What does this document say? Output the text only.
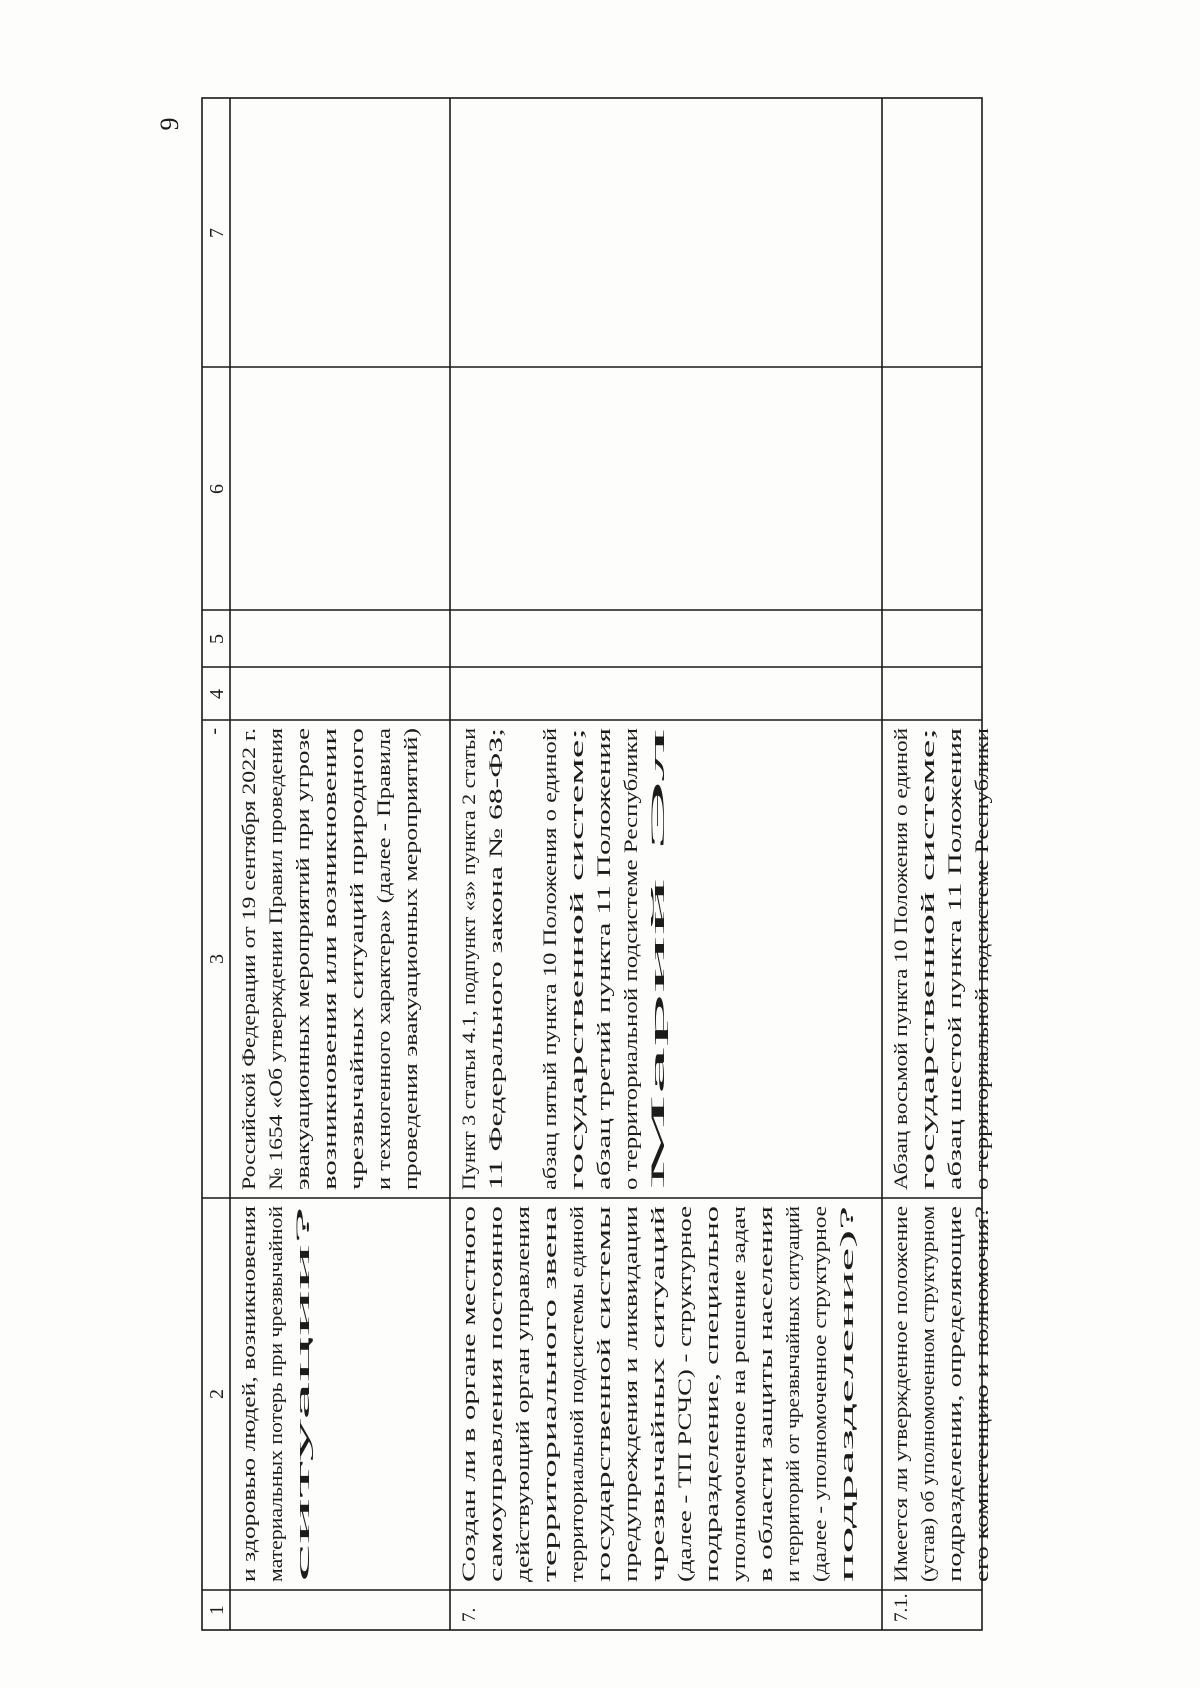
9
1
2
3
4
5
6
7
-
и здоровью людей, возникновения материальных потерь при чрезвычайной ситуации?
Российской Федерации от 19 сентября 2022 г. № 1654 «Об утверждении Правил проведения эвакуационных мероприятий при угрозе возникновения или возникновении чрезвычайных ситуаций природного и техногенного характера» (далее - Правила проведения эвакуационных мероприятий)
7.
Создан ли в органе местного самоуправления постоянно действующий орган управления территориального звена территориальной подсистемы единой государственной системы предупреждения и ликвидации чрезвычайных ситуаций (далее - ТП РСЧС) - структурное подразделение, специально уполномоченное на решение задач в области защиты населения и территорий от чрезвычайных ситуаций (далее - уполномоченное структурное подразделение)?
Пункт 3 статьи 4.1, подпункт «з» пункта 2 статьи 11 Федерального закона № 68-ФЗ; абзац пятый пункта 10 Положения о единой государственной системе; абзац третий пункта 11 Положения о территориальной подсистеме Республики Марий Эл
7.1.
Имеется ли утвержденное положение (устав) об уполномоченном структурном подразделении, определяющие его компетенцию и полномочия?
Абзац восьмой пункта 10 Положения о единой государственной системе; абзац шестой пункта 11 Положения о территориальной подсистеме Республики
